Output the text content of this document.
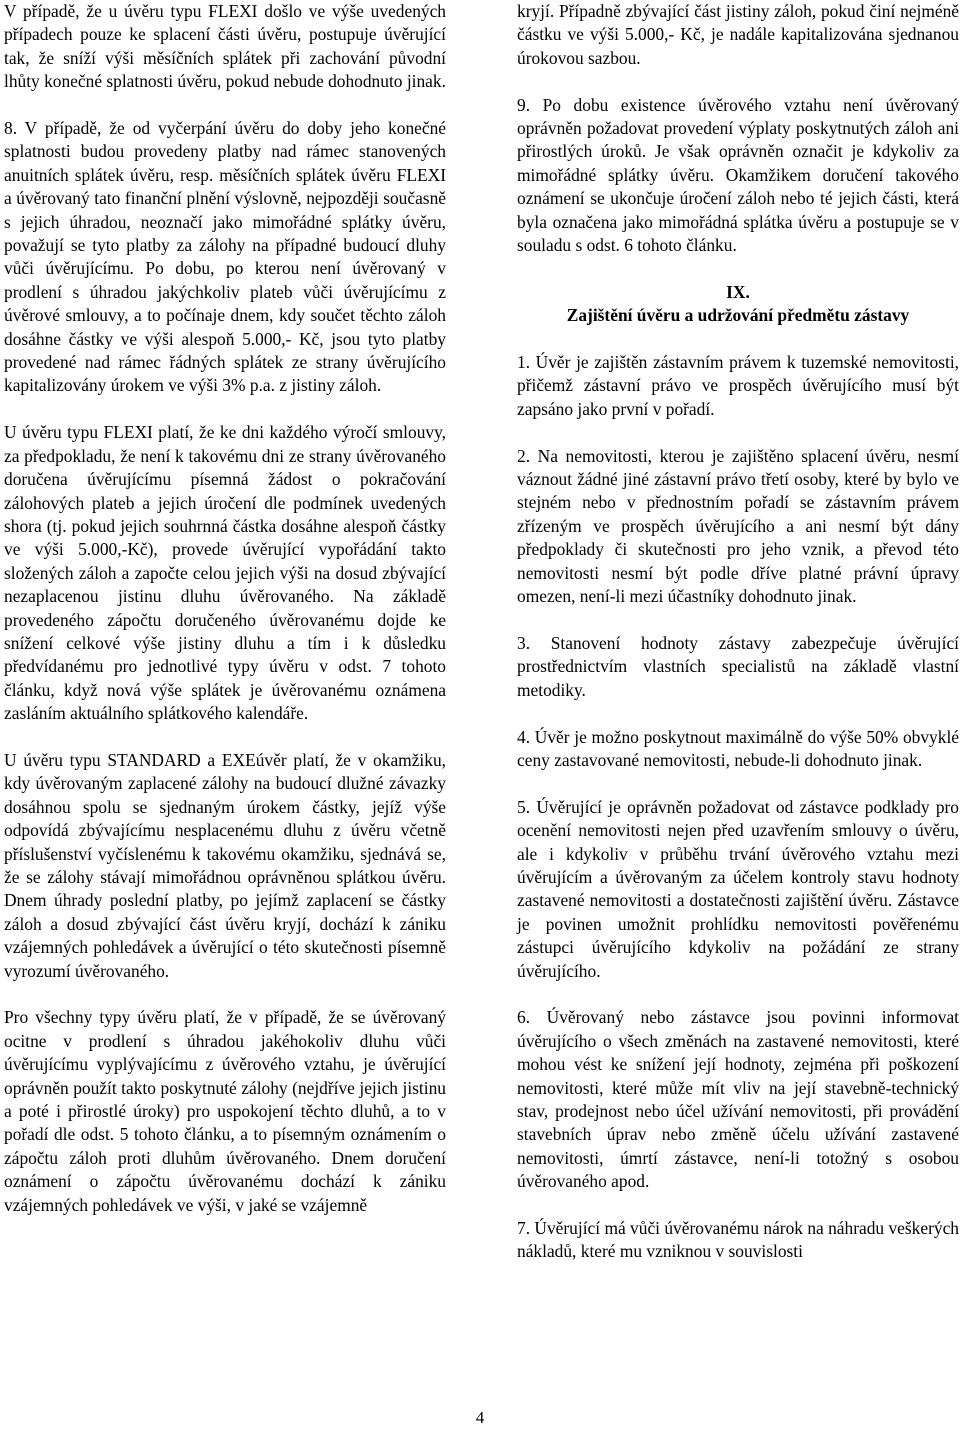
V případě, že u úvěru typu FLEXI došlo ve výše uvedených případech pouze ke splacení části úvěru, postupuje úvěrující tak, že sníží výši měsíčních splátek při zachování původní lhůty konečné splatnosti úvěru, pokud nebude dohodnuto jinak.

8. V případě, že od vyčerpání úvěru do doby jeho konečné splatnosti budou provedeny platby nad rámec stanovených anuitních splátek úvěru, resp. měsíčních splátek úvěru FLEXI a úvěrovaný tato finanční plnění výslovně, nejpozději současně s jejich úhradou, neoznačí jako mimořádné splátky úvěru, považují se tyto platby za zálohy na případné budoucí dluhy vůči úvěrujícímu. Po dobu, po kterou není úvěrovaný v prodlení s úhradou jakýchkoliv plateb vůči úvěrujícímu z úvěrové smlouvy, a to počínaje dnem, kdy součet těchto záloh dosáhne částky ve výši alespoň 5.000,- Kč, jsou tyto platby provedené nad rámec řádných splátek ze strany úvěrujícího kapitalizovány úrokem ve výši 3% p.a. z jistiny záloh.

U úvěru typu FLEXI platí, že ke dni každého výročí smlouvy, za předpokladu, že není k takovému dni ze strany úvěrovaného doručena úvěrujícímu písemná žádost o pokračování zálohových plateb a jejich úročení dle podmínek uvedených shora (tj. pokud jejich souhrnná částka dosáhne alespoň částky ve výši 5.000,-Kč), provede úvěrující vypořádání takto složených záloh a započte celou jejich výši na dosud zbývající nezaplacenou jistinu dluhu úvěrovaného. Na základě provedeného zápočtu doručeného úvěrovanému dojde ke snížení celkové výše jistiny dluhu a tím i k důsledku předvídanému pro jednotlivé typy úvěru v odst. 7 tohoto článku, když nová výše splátek je úvěrovanému oznámena zasláním aktuálního splátkového kalendáře.

U úvěru typu STANDARD a EXEúvěr platí, že v okamžiku, kdy úvěrovaným zaplacené zálohy na budoucí dlužné závazky dosáhnou spolu se sjednaným úrokem částky, jejíž výše odpovídá zbývajícímu nesplacenému dluhu z úvěru včetně příslušenství vyčíslenému k takovému okamžiku, sjednává se, že se zálohy stávají mimořádnou oprávněnou splátkou úvěru. Dnem úhrady poslední platby, po jejímž zaplacení se částky záloh a dosud zbývající část úvěru kryjí, dochází k zániku vzájemných pohledávek a úvěrující o této skutečnosti písemně vyrozumí úvěrovaného.

Pro všechny typy úvěru platí, že v případě, že se úvěrovaný ocitne v prodlení s úhradou jakéhokoliv dluhu vůči úvěrujícímu vyplývajícímu z úvěrového vztahu, je úvěrující oprávněn použít takto poskytnuté zálohy (nejdříve jejich jistinu a poté i přirostlé úroky) pro uspokojení těchto dluhů, a to v pořadí dle odst. 5 tohoto článku, a to písemným oznámením o zápočtu záloh proti dluhům úvěrovaného. Dnem doručení oznámení o zápočtu úvěrovanému dochází k zániku vzájemných pohledávek ve výši, v jaké se vzájemně

kryjí. Případně zbývající část jistiny záloh, pokud činí nejméně částku ve výši 5.000,- Kč, je nadále kapitalizována sjednanou úrokovou sazbou.

9. Po dobu existence úvěrového vztahu není úvěrovaný oprávněn požadovat provedení výplaty poskytnutých záloh ani přirostlých úroků. Je však oprávněn označit je kdykoliv za mimořádné splátky úvěru. Okamžikem doručení takového oznámení se ukončuje úročení záloh nebo té jejich části, která byla označena jako mimořádná splátka úvěru a postupuje se v souladu s odst. 6 tohoto článku.

IX.

Zajištění úvěru a udržování předmětu zástavy

1. Úvěr je zajištěn zástavním právem k tuzemské nemovitosti, přičemž zástavní právo ve prospěch úvěrujícího musí být zapsáno jako první v pořadí.

2. Na nemovitosti, kterou je zajištěno splacení úvěru, nesmí váznout žádné jiné zástavní právo třetí osoby, které by bylo ve stejném nebo v přednostním pořadí se zástavním právem zřízeným ve prospěch úvěrujícího a ani nesmí být dány předpoklady či skutečnosti pro jeho vznik, a převod této nemovitosti nesmí být podle dříve platné právní úpravy omezen, není-li mezi účastníky dohodnuto jinak.

3. Stanovení hodnoty zástavy zabezpečuje úvěrující prostřednictvím vlastních specialistů na základě vlastní metodiky.

4. Úvěr je možno poskytnout maximálně do výše 50% obvyklé ceny zastavované nemovitosti, nebude-li dohodnuto jinak.

5. Úvěrující je oprávněn požadovat od zástavce podklady pro ocenění nemovitosti nejen před uzavřením smlouvy o úvěru, ale i kdykoliv v průběhu trvání úvěrového vztahu mezi úvěrujícím a úvěrovaným za účelem kontroly stavu hodnoty zastavené nemovitosti a dostatečnosti zajištění úvěru. Zástavce je povinen umožnit prohlídku nemovitosti pověřenému zástupci úvěrujícího kdykoliv na požádání ze strany úvěrujícího.

6. Úvěrovaný nebo zástavce jsou povinni informovat úvěrujícího o všech změnách na zastavené nemovitosti, které mohou vést ke snížení její hodnoty, zejména při poškození nemovitosti, které může mít vliv na její stavebně-technický stav, prodejnost nebo účel užívání nemovitosti, při provádění stavebních úprav nebo změně účelu užívání zastavené nemovitosti, úmrtí zástavce, není-li totožný s osobou úvěrovaného apod.

7. Úvěrující má vůči úvěrovanému nárok na náhradu veškerých nákladů, které mu vzniknou v souvislosti

4
